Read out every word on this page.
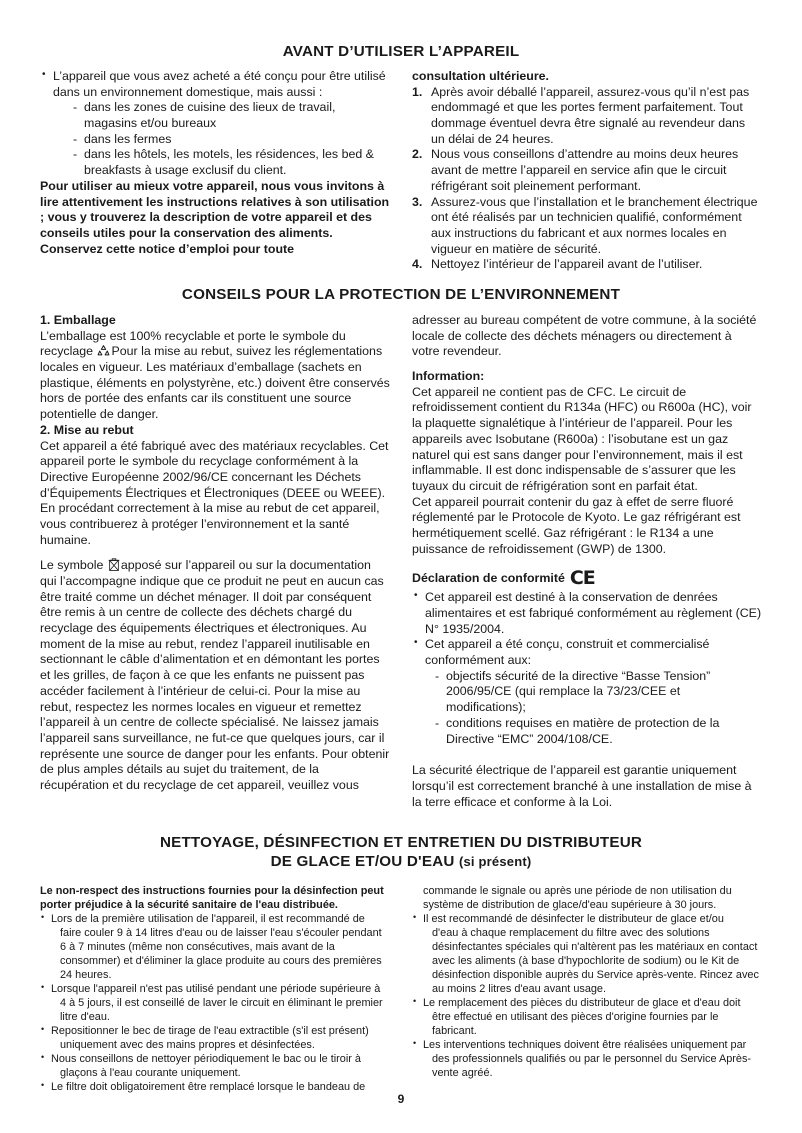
AVANT D’UTILISER L’APPAREIL
• L’appareil que vous avez acheté a été conçu pour être utilisé dans un environnement domestique, mais aussi :
- dans les zones de cuisine des lieux de travail, magasins et/ou bureaux
- dans les fermes
- dans les hôtels, les motels, les résidences, les bed & breakfasts à usage exclusif du client.

Pour utiliser au mieux votre appareil, nous vous invitons à lire attentivement les instructions relatives à son utilisation ; vous y trouverez la description de votre appareil et des conseils utiles pour la conservation des aliments.

Conservez cette notice d’emploi pour toute

consultation ultérieure.

1. Après avoir déballé l’appareil, assurez-vous qu’il n’est pas endommagé et que les portes ferment parfaitement. Tout dommage éventuel devra être signalé au revendeur dans un délai de 24 heures.
2. Nous vous conseillons d’attendre au moins deux heures avant de mettre l’appareil en service afin que le circuit réfrigérant soit pleinement performant.
3. Assurez-vous que l’installation et le branchement électrique ont été réalisés par un technicien qualifié, conformément aux instructions du fabricant et aux normes locales en vigueur en matière de sécurité.
4. Nettoyez l’intérieur de l’appareil avant de l’utiliser.
CONSEILS POUR LA PROTECTION DE L’ENVIRONNEMENT

1. Emballage

L’emballage est 100% recyclable et porte le symbole du recyclage Pour la mise au rebut, suivez les réglementations locales en vigueur. Les matériaux d’emballage (sachets en plastique, éléments en polystyrène, etc.) doivent être conservés hors de portée des enfants car ils constituent une source potentielle de danger.

2. Mise au rebut

Cet appareil a été fabriqué avec des matériaux recyclables. Cet appareil porte le symbole du recyclage conformément à la Directive Européenne 2002/96/CE concernant les Déchets d’Équipements Électriques et Électroniques (DEEE ou WEEE). En procédant correctement à la mise au rebut de cet appareil, vous contribuerez à protéger l’environnement et la santé humaine.

Le symbole apposé sur l’appareil ou sur la documentation qui l’accompagne indique que ce produit ne peut en aucun cas être traité comme un déchet ménager. Il doit par conséquent être remis à un centre de collecte des déchets chargé du recyclage des équipements électriques et électroniques. Au moment de la mise au rebut, rendez l’appareil inutilisable en sectionnant le câble d’alimentation et en démontant les portes et les grilles, de façon à ce que les enfants ne puissent pas accéder facilement à l’intérieur de celui-ci. Pour la mise au rebut, respectez les normes locales en vigueur et remettez l’appareil à un centre de collecte spécialisé. Ne laissez jamais l’appareil sans surveillance, ne fut-ce que quelques jours, car il représente une source de danger pour les enfants. Pour obtenir de plus amples détails au sujet du traitement, de la récupération et du recyclage de cet appareil, veuillez vous

adresser au bureau compétent de votre commune, à la société locale de collecte des déchets ménagers ou directement à votre revendeur.

Information:

Cet appareil ne contient pas de CFC. Le circuit de refroidissement contient du R134a (HFC) ou R600a (HC), voir la plaquette signalétique à l’intérieur de l’appareil. Pour les appareils avec Isobutane (R600a) : l’isobutane est un gaz naturel qui est sans danger pour l’environnement, mais il est inflammable. Il est donc indispensable de s’assurer que les tuyaux du circuit de réfrigération sont en parfait état.

Cet appareil pourrait contenir du gaz à effet de serre fluoré réglementé par le Protocole de Kyoto. Le gaz réfrigérant est hermétiquement scellé. Gaz réfrigérant : le R134 a une puissance de refroidissement (GWP) de 1300.

Déclaration de conformité CE

• Cet appareil est destiné à la conservation de denrées alimentaires et est fabriqué conformément au règlement (CE) N° 1935/2004.
• Cet appareil a été conçu, construit et commercialisé conformément aux:
- objectifs sécurité de la directive “Basse Tension” 2006/95/CE (qui remplace la 73/23/CEE et modifications);
- conditions requises en matière de protection de la Directive “EMC” 2004/108/CE.

La sécurité électrique de l’appareil est garantie uniquement lorsqu’il est correctement branché à une installation de mise à la terre efficace et conforme à la Loi.

NETTOYAGE, DÉSINFECTION ET ENTRETIEN DU DISTRIBUTEUR
DE GLACE ET/OU D'EAU (si présent)

Le non-respect des instructions fournies pour la désinfection peut porter préjudice à la sécurité sanitaire de l'eau distribuée.

• Lors de la première utilisation de l'appareil, il est recommandé de
faire couler 9 à 14 litres d'eau ou de laisser l'eau s'écouler pendant 6 à 7 minutes (même non consécutives, mais avant de la consommer) et d'éliminer la glace produite au cours des premières 24 heures.
• Lorsque l'appareil n'est pas utilisé pendant une période supérieure à
4 à 5 jours, il est conseillé de laver le circuit en éliminant le premier litre d'eau.
• Repositionner le bec de tirage de l'eau extractible (s'il est présent)
uniquement avec des mains propres et désinfectées.
• Nous conseillons de nettoyer périodiquement le bac ou le tiroir à
glaçons à l'eau courante uniquement.
• Le filtre doit obligatoirement être remplacé lorsque le bandeau de

commande le signale ou après une période de non utilisation du système de distribution de glace/d'eau supérieure à 30 jours.

• Il est recommandé de désinfecter le distributeur de glace et/ou
d'eau à chaque remplacement du filtre avec des solutions désinfectantes spéciales qui n'altèrent pas les matériaux en contact avec les aliments (à base d'hypochlorite de sodium) ou le Kit de désinfection disponible auprès du Service après-vente. Rincez avec au moins 2 litres d'eau avant usage.
• Le remplacement des pièces du distributeur de glace et d'eau doit
être effectué en utilisant des pièces d'origine fournies par le fabricant.
• Les interventions techniques doivent être réalisées uniquement par
des professionnels qualifiés ou par le personnel du Service Après-vente agréé.
9
